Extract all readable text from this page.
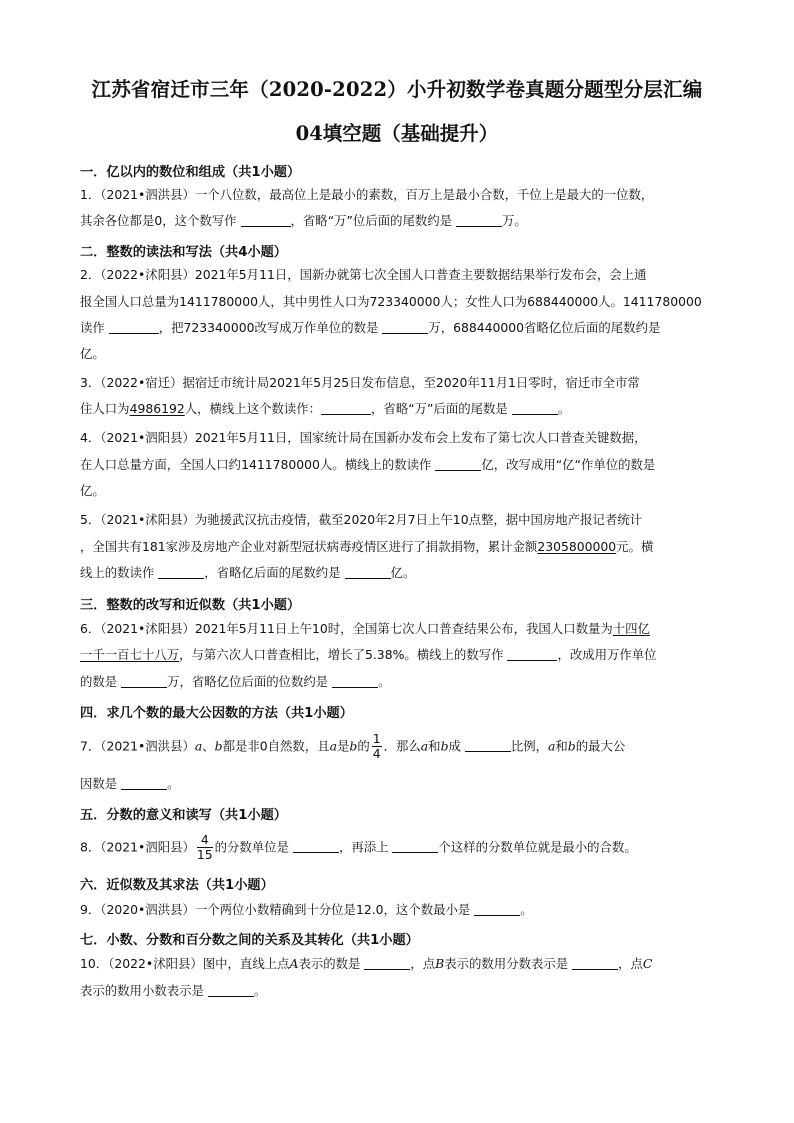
江苏省宿迁市三年（2020-2022）小升初数学卷真题分题型分层汇编
04填空题（基础提升）
一．亿以内的数位和组成（共1小题）
1．（2021•泗洪县）一个八位数，最高位上是最小的素数，百万上是最小合数，千位上是最大的一位数，
其余各位都是0，这个数写作	，省略“万”位后面的尾数约是	万。
二．整数的读法和写法（共4小题）
2．（2022•沭阳县）2021年5月11日，国新办就第七次全国人口普查主要数据结果举行发布会，会上通
报全国人口总量为1411780000人，其中男性人口为723340000人；女性人口为688440000人。1411780000
读作	，把723340000改写成万作单位的数是	万，688440000省略亿位后面的尾数约是
亿。
3．（2022•宿迁）据宿迁市统计局2021年5月25日发布信息，至2020年11月1日零时，宿迁市全市常
住人口为4986192人，横线上这个数读作：	，省略“万”后面的尾数是	。
4．（2021•泗阳县）2021年5月11日，国家统计局在国新办发布会上发布了第七次人口普查关键数据，
在人口总量方面，全国人口约1411780000人。横线上的数读作	亿，改写成用“亿“作单位的数是
亿。
5．（2021•沭阳县）为驰援武汉抗击疫情，截至2020年2月7日上午10点整，据中国房地产报记者统计
，全国共有181家涉及房地产企业对新型冠状病毒疫情区进行了捐款捐物，累计金额2305800000元。横
线上的数读作	，省略亿后面的尾数约是	亿。
三．整数的改写和近似数（共1小题）
6．（2021•沭阳县）2021年5月11日上午10时，全国第七次人口普查结果公布，我国人口数量为十四亿
一千一百七十八万，与第六次人口普查相比，增长了5.38%。横线上的数写作	，改成用万作单位
的数是	万，省略亿位后面的位数约是	。
四．求几个数的最大公因数的方法（共1小题）
7．（2021•泗洪县）a、b都是非0自然数，且a是b的 $\frac{1}{4}$ ．那么a和b成	比例，a和b的最大公
因数是	。
五．分数的意义和读写（共1小题）
8．（2021•泗阳县） $\frac{4}{15}$ 的分数单位是	，再添上	个这样的分数单位就是最小的合数。
六．近似数及其求法（共1小题）
9．（2020•泗洪县）一个两位小数精确到十分位是12.0，这个数最小是	。
七．小数、分数和百分数之间的关系及其转化（共1小题）
10．（2022•沭阳县）图中，直线上点A表示的数是	，点B表示的数用分数表示是	，点C
表示的数用小数表示是	。
